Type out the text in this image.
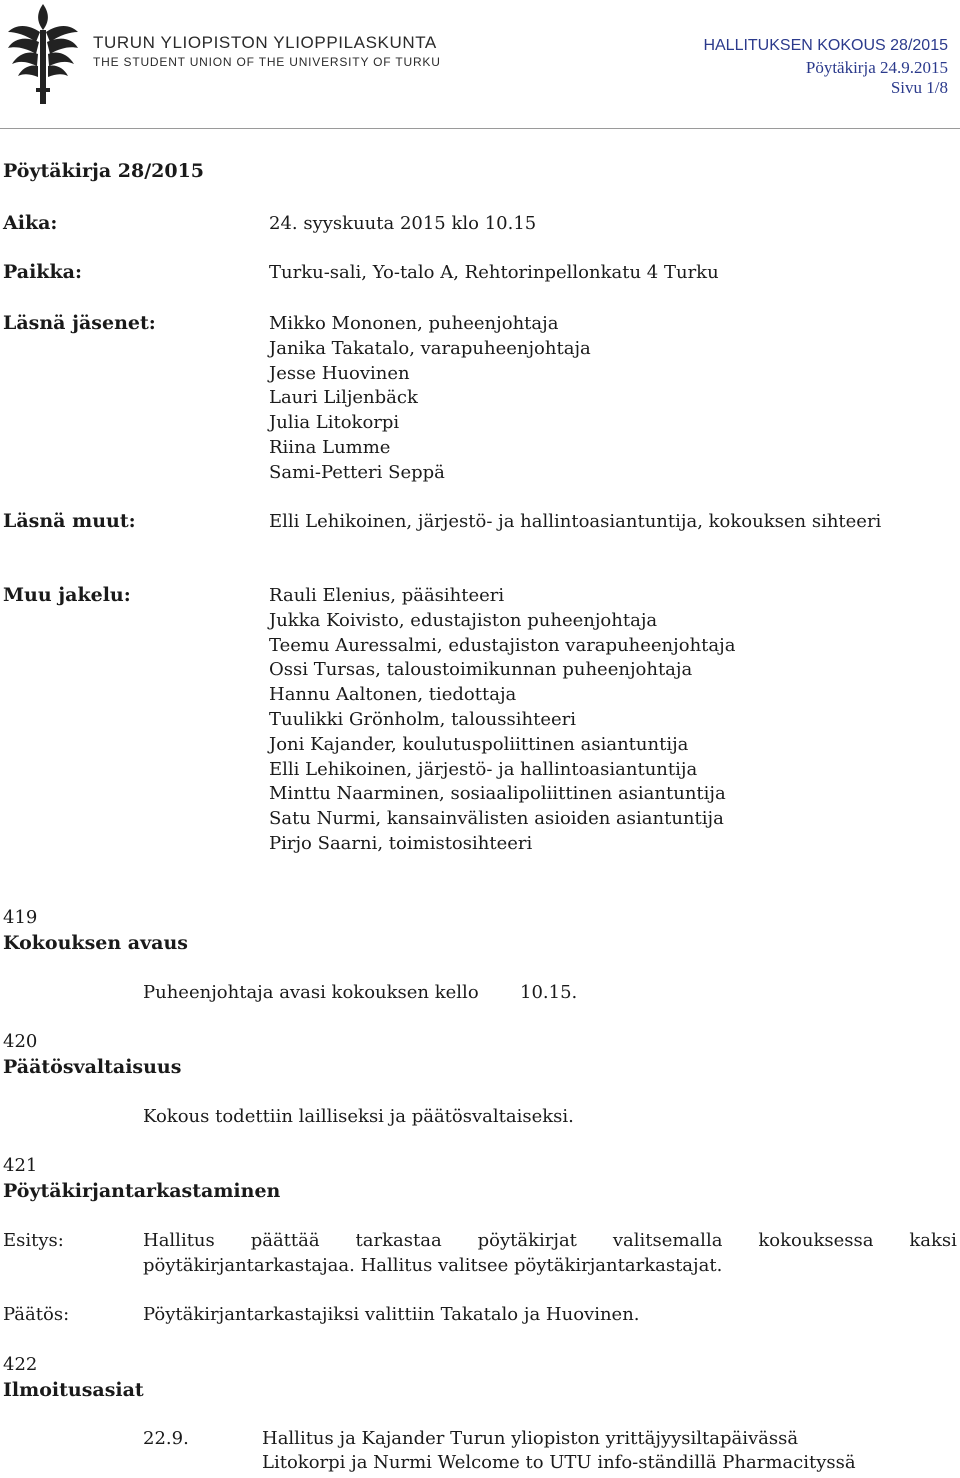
TURUN YLIOPISTON YLIOPPILASKUNTA
THE STUDENT UNION OF THE UNIVERSITY OF TURKU
HALLITUKSEN KOKOUS 28/2015
Pöytäkirja 24.9.2015
Sivu 1/8
Pöytäkirja 28/2015
Aika:	24. syyskuuta 2015 klo 10.15
Paikka:	Turku-sali, Yo-talo A, Rehtorinpellonkatu 4 Turku
Läsnä jäsenet:	Mikko Mononen, puheenjohtaja
Janika Takatalo, varapuheenjohtaja
Jesse Huovinen
Lauri Liljenbäck
Julia Litokorpi
Riina Lumme
Sami-Petteri Seppä
Läsnä muut:	Elli Lehikoinen, järjestö- ja hallintoasiantuntija, kokouksen sihteeri
Muu jakelu:	Rauli Elenius, pääsihteeri
Jukka Koivisto, edustajiston puheenjohtaja
Teemu Auressalmi, edustajiston varapuheenjohtaja
Ossi Tursas, taloustoimikunnan puheenjohtaja
Hannu Aaltonen, tiedottaja
Tuulikki Grönholm, taloussihteeri
Joni Kajander, koulutuspoliittinen asiantuntija
Elli Lehikoinen, järjestö- ja hallintoasiantuntija
Minttu Naarminen, sosiaalipoliittinen asiantuntija
Satu Nurmi, kansainvälisten asioiden asiantuntija
Pirjo Saarni, toimistosihteeri
419
Kokouksen avaus
Puheenjohtaja avasi kokouksen kello 10.15.
420
Päätösvaltaisuus
Kokous todettiin lailliseksi ja päätösvaltaiseksi.
421
Pöytäkirjantarkastaminen
Esitys:	Hallitus päättää tarkastaa pöytäkirjat valitsemalla kokouksessa kaksi
pöytäkirjantarkastajaa. Hallitus valitsee pöytäkirjantarkastajat.
Päätös:	Pöytäkirjantarkastajiksi valittiin Takatalo ja Huovinen.
422
Ilmoitusasiat
22.9.	Hallitus ja Kajander Turun yliopiston yrittäjyysiltapäivässä
Litokorpi ja Nurmi Welcome to UTU info-ständillä Pharmacityssä
